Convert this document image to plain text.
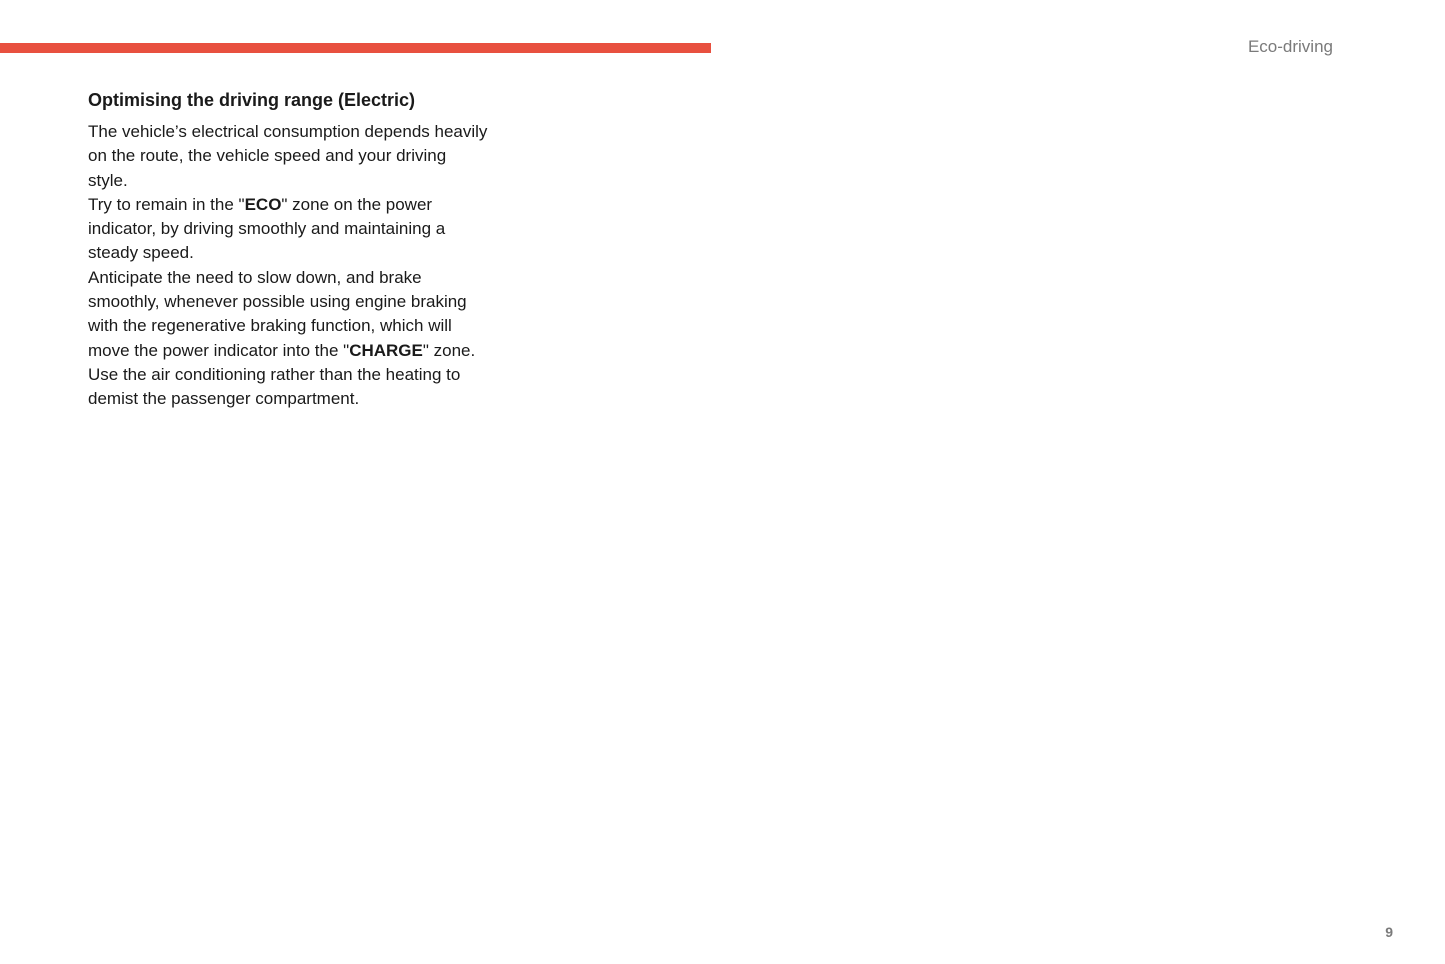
Eco-driving
Optimising the driving range (Electric)

The vehicle’s electrical consumption depends heavily on the route, the vehicle speed and your driving style.

Try to remain in the "ECO" zone on the power indicator, by driving smoothly and maintaining a steady speed.

Anticipate the need to slow down, and brake smoothly, whenever possible using engine braking with the regenerative braking function, which will move the power indicator into the "CHARGE" zone.

Use the air conditioning rather than the heating to demist the passenger compartment.

9
